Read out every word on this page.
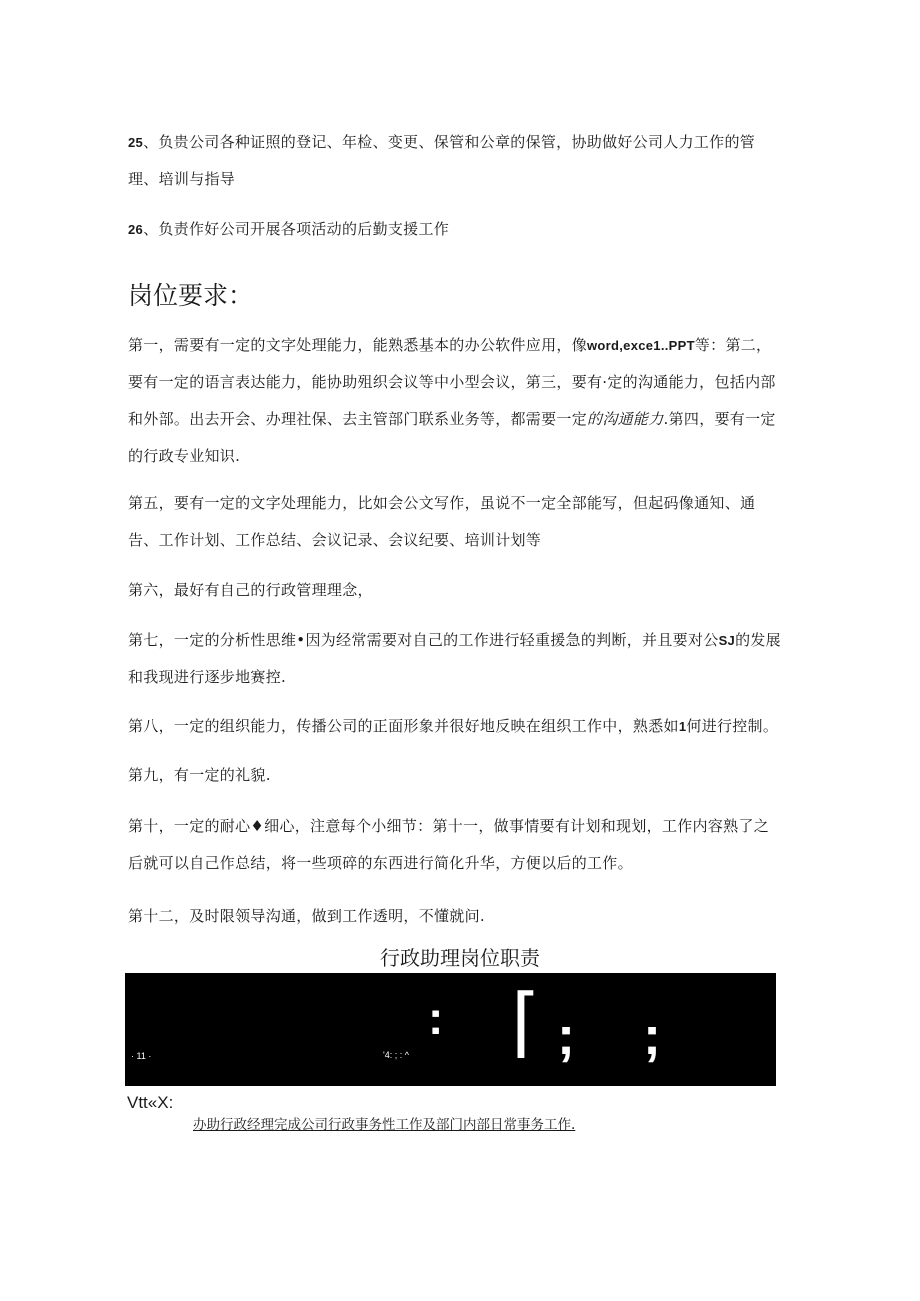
25、负贵公司各种证照的登记、年检、变更、保管和公章的保管，协助做好公司人力工作的管理、培训与指导

26、负责作好公司开展各项活动的后勤支援工作

岗位要求：

第一，需要有一定的文字处理能力，能熟悉基本的办公软件应用，像word,exce1..PPT等：第二，要有一定的语言表达能力，能协助殂织会议等中小型会议，第三，要有·定的沟通能力，包括内部和外部。出去开会、办理社保、去主管部门联系业务等，都需要一定的沟通能力.第四，要有一定的行政专业知识.

第五，要有一定的文字处理能力，比如会公文写作，虽说不一定全部能写，但起码像通知、通告、工作计划、工作总结、会议记录、会议纪要、培训计划等

第六，最好有自己的行政管理理念，

第七，一定的分析性思维•因为经常需要对自己的工作进行轻重援急的判断，并且要对公SJ的发展和我现进行逐步地赛控.

第八，一定的组织能力，传播公司的正面形象并很好地反映在组织工作中，熟悉如1何进行控制。

第九，有一定的礼貌.

第十，一定的耐心♦细心，注意每个小细节：第十一，做事情要有计划和现划，工作内容熟了之后就可以自己作总结，将一些项碎的东西进行简化升华，方便以后的工作。

第十二，及时限领导沟通，做到工作透明，不懂就问.

行政助理岗位职责

· 11 ·	'4: ; : ^
: ⌈ ; ;

Vtt«X:

办助行政经理完成公司行政事务性工作及部门内部日常事务工作.
